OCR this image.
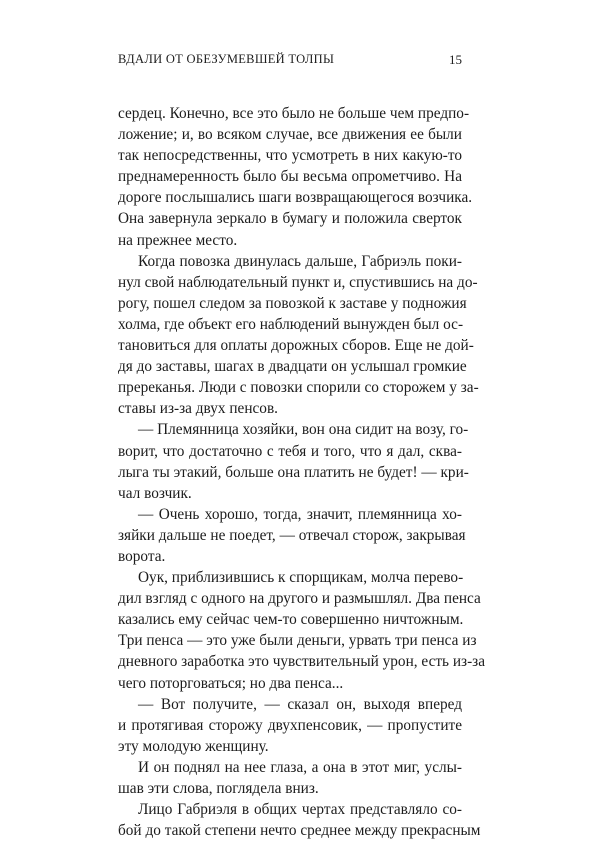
ВДАЛИ ОТ ОБЕЗУМЕВШЕЙ ТОЛПЫ	15
сердец. Конечно, все это было не больше чем предпо-
ложение; и, во всяком случае, все движения ее были
так непосредственны, что усмотреть в них какую-то
преднамеренность было бы весьма опрометчиво. На
дороге послышались шаги возвращающегося возчика.
Она завернула зеркало в бумагу и положила сверток
на прежнее место.
Когда повозка двинулась дальше, Габриэль поки-
нул свой наблюдательный пункт и, спустившись на до-
рогу, пошел следом за повозкой к заставе у подножия
холма, где объект его наблюдений вынужден был ос-
тановиться для оплаты дорожных сборов. Еще не дой-
дя до заставы, шагах в двадцати он услышал громкие
пререканья. Люди с повозки спорили со сторожем у за-
ставы из-за двух пенсов.
— Племянница хозяйки, вон она сидит на возу, го-
ворит, что достаточно с тебя и того, что я дал, сква-
лыга ты этакий, больше она платить не будет! — кри-
чал возчик.
— Очень хорошо, тогда, значит, племянница хо-
зяйки дальше не поедет, — отвечал сторож, закрывая
ворота.
Оук, приблизившись к спорщикам, молча перево-
дил взгляд с одного на другого и размышлял. Два пенса
казались ему сейчас чем-то совершенно ничтожным.
Три пенса — это уже были деньги, урвать три пенса из
дневного заработка это чувствительный урон, есть из-за
чего поторговаться; но два пенса...
— Вот получите, — сказал он, выходя вперед
и протягивая сторожу двухпенсовик, — пропустите
эту молодую женщину.
И он поднял на нее глаза, а она в этот миг, услы-
шав эти слова, поглядела вниз.
Лицо Габриэля в общих чертах представляло со-
бой до такой степени нечто среднее между прекрасным
